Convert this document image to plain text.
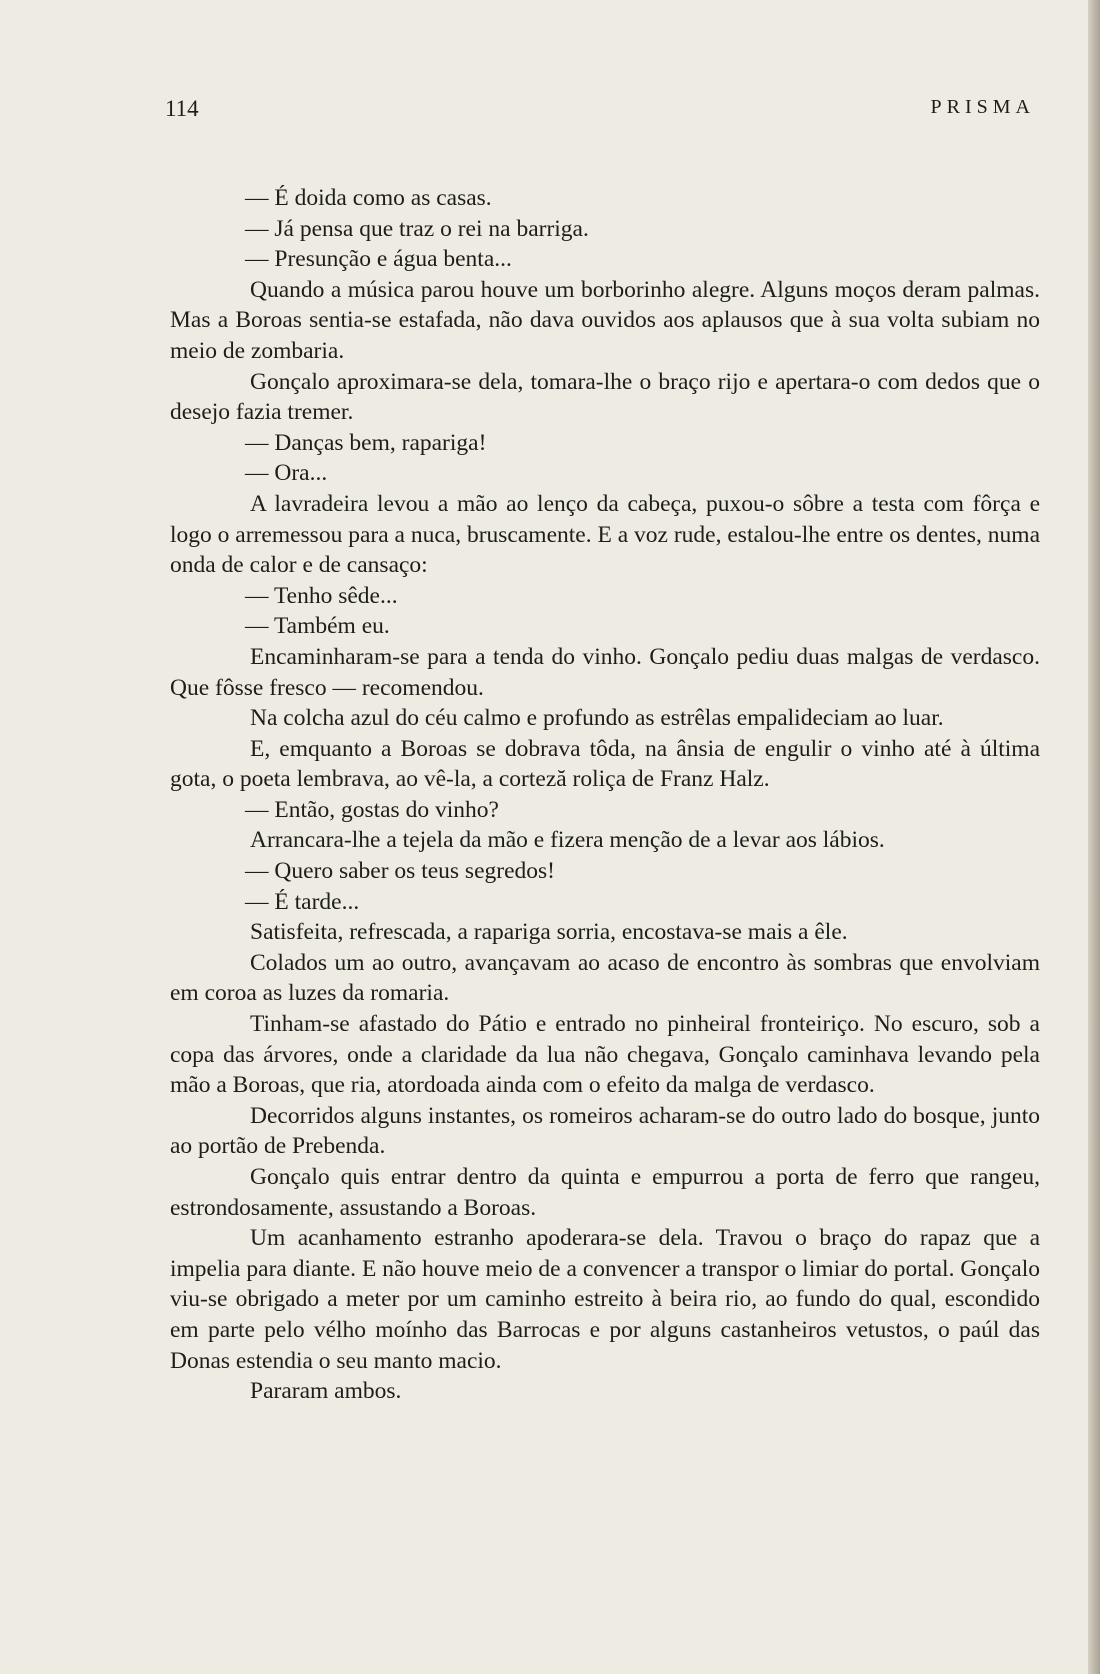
114	PRISMA

— É doida como as casas.

— Já pensa que traz o rei na barriga.

— Presunção e água benta...

Quando a música parou houve um borborinho alegre. Alguns moços deram palmas. Mas a Boroas sentia-se estafada, não dava ouvidos aos aplausos que à sua volta subiam no meio de zombaria.

Gonçalo aproximara-se dela, tomara-lhe o braço rijo e apertara-o com dedos que o desejo fazia tremer.

— Danças bem, rapariga!

— Ora...

A lavradeira levou a mão ao lenço da cabeça, puxou-o sôbre a testa com fôrça e logo o arremessou para a nuca, bruscamente. E a voz rude, estalou-lhe entre os dentes, numa onda de calor e de cansaço:

— Tenho sêde...

— Também eu.

Encaminharam-se para a tenda do vinho. Gonçalo pediu duas malgas de verdasco. Que fôsse fresco — recomendou.

Na colcha azul do céu calmo e profundo as estrêlas empalideciam ao luar.

E, emquanto a Boroas se dobrava tôda, na ânsia de engulir o vinho até à última gota, o poeta lembrava, ao vê-la, a corteză roliça de Franz Halz.

— Então, gostas do vinho?

Arrancara-lhe a tejela da mão e fizera menção de a levar aos lábios.

— Quero saber os teus segredos!

— É tarde...

Satisfeita, refrescada, a rapariga sorria, encostava-se mais a êle.

Colados um ao outro, avançavam ao acaso de encontro às sombras que envolviam em coroa as luzes da romaria.

Tinham-se afastado do Pátio e entrado no pinheiral fronteiriço. No escuro, sob a copa das árvores, onde a claridade da lua não chegava, Gonçalo caminhava levando pela mão a Boroas, que ria, atordoada ainda com o efeito da malga de verdasco.

Decorridos alguns instantes, os romeiros acharam-se do outro lado do bosque, junto ao portão de Prebenda.

Gonçalo quis entrar dentro da quinta e empurrou a porta de ferro que rangeu, estrondosamente, assustando a Boroas.

Um acanhamento estranho apoderara-se dela. Travou o braço do rapaz que a impelia para diante. E não houve meio de a convencer a transpor o limiar do portal. Gonçalo viu-se obrigado a meter por um caminho estreito à beira rio, ao fundo do qual, escondido em parte pelo vélho moínho das Barrocas e por alguns castanheiros vetustos, o paúl das Donas estendia o seu manto macio.

Pararam ambos.
